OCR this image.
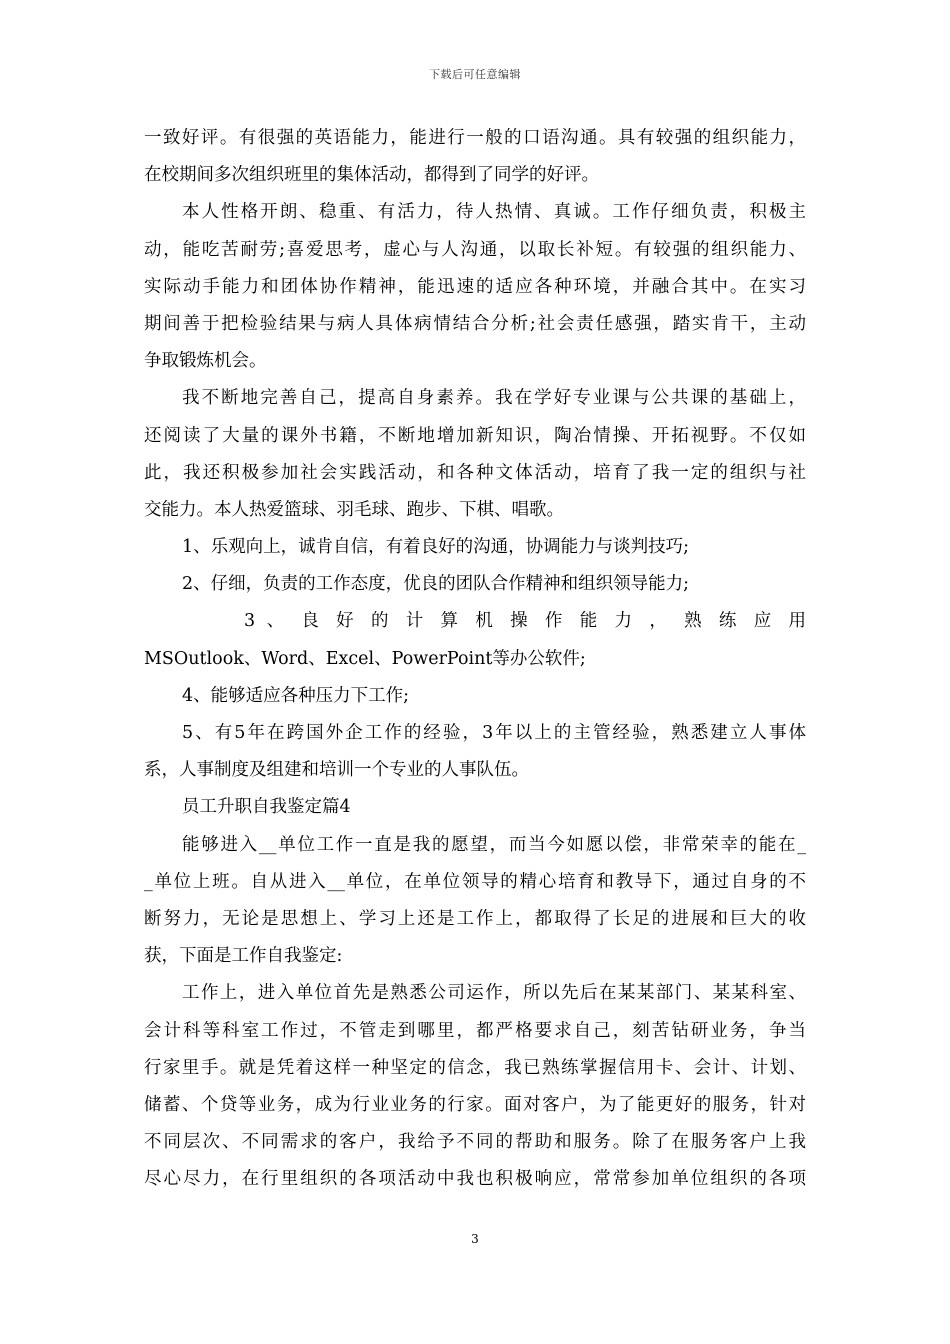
下载后可任意编辑
一致好评。有很强的英语能力，能进行一般的口语沟通。具有较强的组织能力，
在校期间多次组织班里的集体活动，都得到了同学的好评。
本人性格开朗、稳重、有活力，待人热情、真诚。工作仔细负责，积极主
动，能吃苦耐劳;喜爱思考，虚心与人沟通，以取长补短。有较强的组织能力、
实际动手能力和团体协作精神，能迅速的适应各种环境，并融合其中。在实习
期间善于把检验结果与病人具体病情结合分析;社会责任感强，踏实肯干，主动
争取锻炼机会。
我不断地完善自己，提高自身素养。我在学好专业课与公共课的基础上，
还阅读了大量的课外书籍，不断地增加新知识，陶冶情操、开拓视野。不仅如
此，我还积极参加社会实践活动，和各种文体活动，培育了我一定的组织与社
交能力。本人热爱篮球、羽毛球、跑步、下棋、唱歌。
1、乐观向上，诚肯自信，有着良好的沟通，协调能力与谈判技巧;
2、仔细，负责的工作态度，优良的团队合作精神和组织领导能力;
3 、 良 好 的 计 算 机 操 作 能 力 ， 熟 练 应 用
MSOutlook、Word、Excel、PowerPoint等办公软件;
4、能够适应各种压力下工作;
5、有5年在跨国外企工作的经验，3年以上的主管经验，熟悉建立人事体
系，人事制度及组建和培训一个专业的人事队伍。
员工升职自我鉴定篇4
能够进入__单位工作一直是我的愿望，而当今如愿以偿，非常荣幸的能在_
_单位上班。自从进入__单位，在单位领导的精心培育和教导下，通过自身的不
断努力，无论是思想上、学习上还是工作上，都取得了长足的进展和巨大的收
获，下面是工作自我鉴定:
工作上，进入单位首先是熟悉公司运作，所以先后在某某部门、某某科室、
会计科等科室工作过，不管走到哪里，都严格要求自己，刻苦钻研业务，争当
行家里手。就是凭着这样一种坚定的信念，我已熟练掌握信用卡、会计、计划、
储蓄、个贷等业务，成为行业业务的行家。面对客户，为了能更好的服务，针对
不同层次、不同需求的客户，我给予不同的帮助和服务。除了在服务客户上我
尽心尽力，在行里组织的各项活动中我也积极响应，常常参加单位组织的各项
3
